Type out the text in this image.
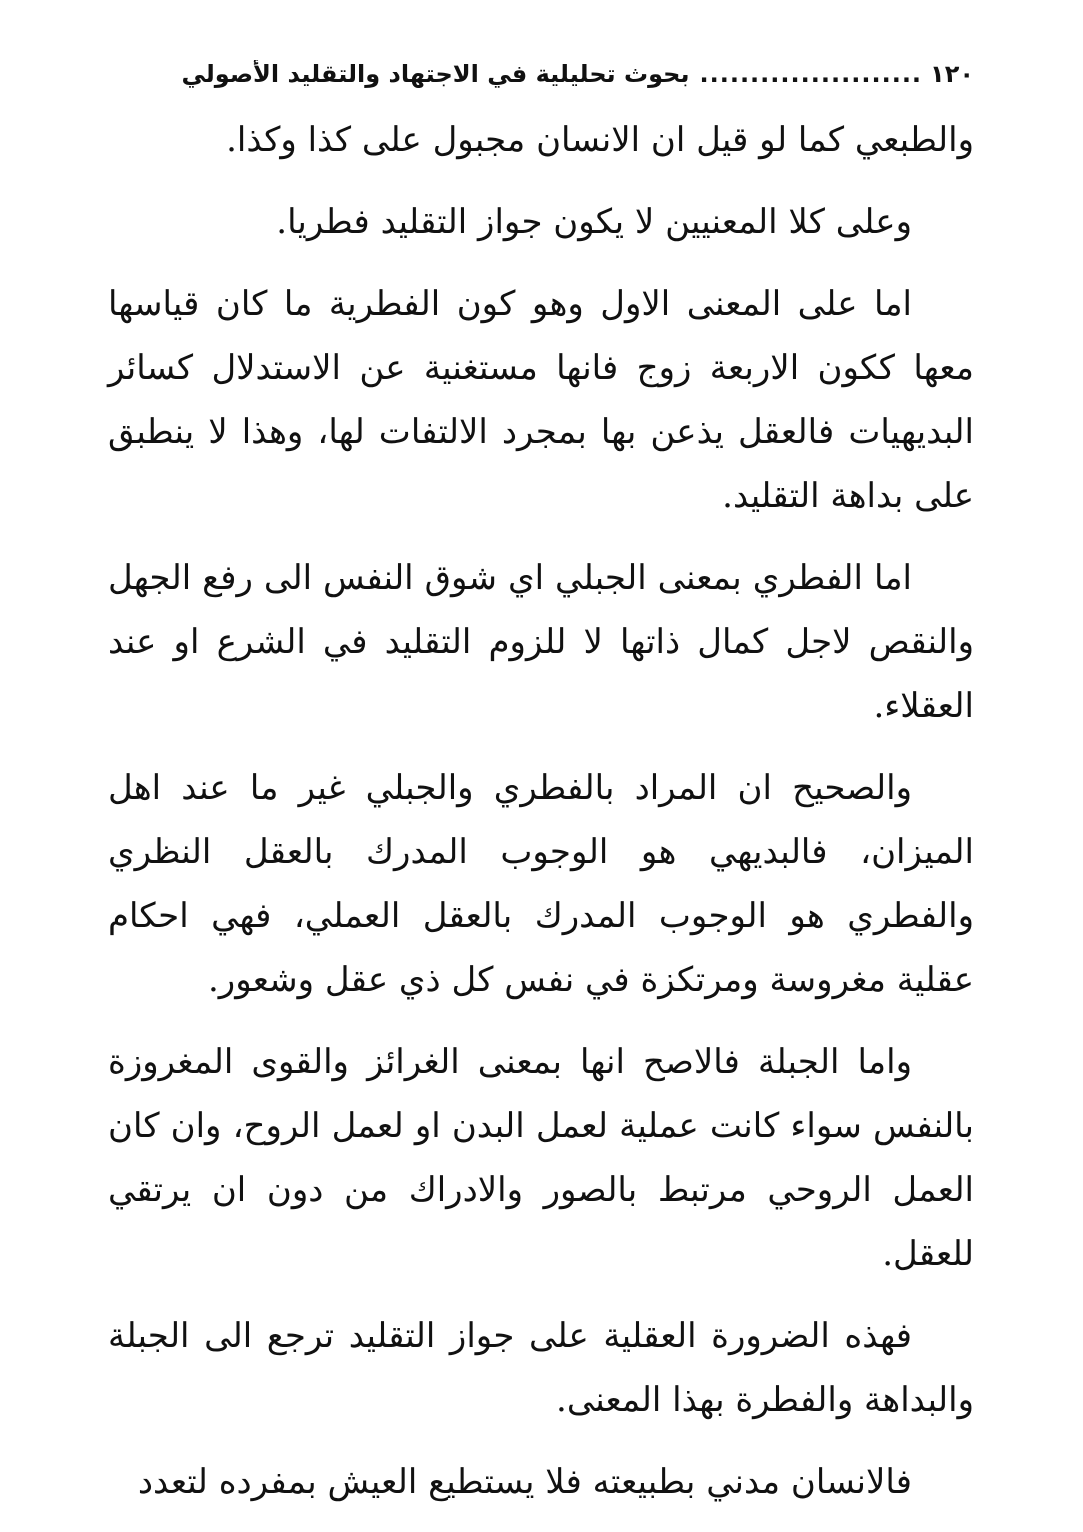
١٢٠
......................
بحوث تحليلية في الاجتهاد والتقليد الأصولي

والطبعي كما لو قيل ان الانسان مجبول على كذا وكذا.

وعلى كلا المعنيين لا يكون جواز التقليد فطريا.

اما على المعنى الاول وهو كون الفطرية ما كان قياسها معها ككون الاربعة زوج فانها مستغنية عن الاستدلال كسائر البديهيات فالعقل يذعن بها بمجرد الالتفات لها، وهذا لا ينطبق على بداهة التقليد.

اما الفطري بمعنى الجبلي اي شوق النفس الى رفع الجهل والنقص لاجل كمال ذاتها لا للزوم التقليد في الشرع او عند العقلاء.

والصحيح ان المراد بالفطري والجبلي غير ما عند اهل الميزان، فالبديهي هو الوجوب المدرك بالعقل النظري والفطري هو الوجوب المدرك بالعقل العملي، فهي احكام عقلية مغروسة ومرتكزة في نفس كل ذي عقل وشعور.

واما الجبلة فالاصح انها بمعنى الغرائز والقوى المغروزة بالنفس سواء كانت عملية لعمل البدن او لعمل الروح، وان كان العمل الروحي مرتبط بالصور والادراك من دون ان يرتقي للعقل.

فهذه الضرورة العقلية على جواز التقليد ترجع الى الجبلة والبداهة والفطرة بهذا المعنى.

فالانسان مدني بطبيعته فلا يستطيع العيش بمفرده لتعدد
